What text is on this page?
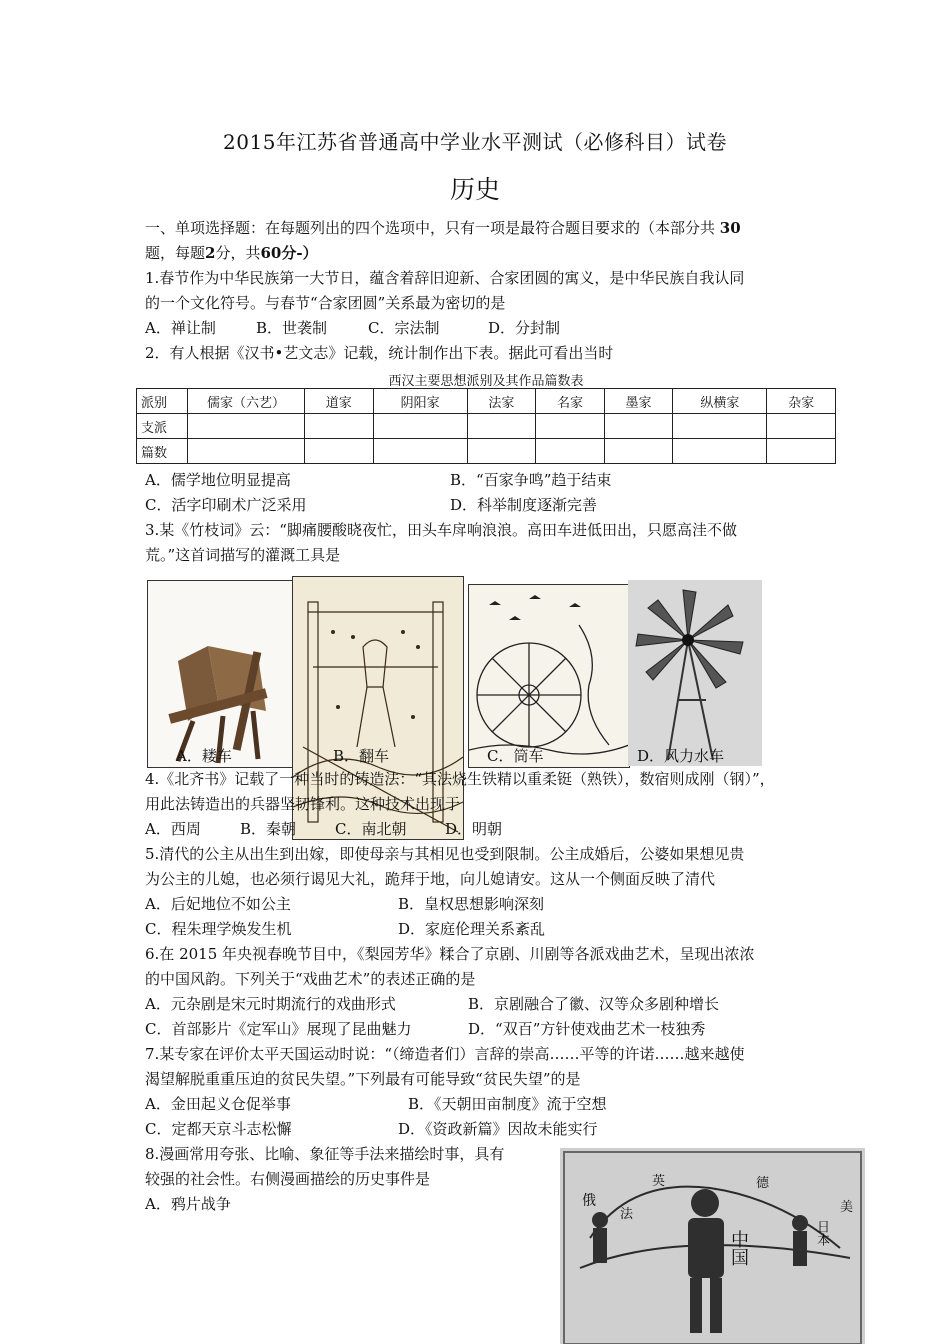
2015年江苏省普通高中学业水平测试（必修科目）试卷
历史
一、单项选择题：在每题列出的四个选项中，只有一项是最符合题目要求的（本部分共 30
题，每题2分，共60分-）
1.春节作为中华民族第一大节日，蕴含着辞旧迎新、合家团圆的寓义，是中华民族自我认同
的一个文化符号。与春节“合家团圆”关系最为密切的是
A．禅让制	B．世袭制	C．宗法制	D．分封制
2．有人根据《汉书•艺文志》记载，统计制作出下表。据此可看出当时
西汉主要思想派别及其作品篇数表
派别	儒家（六艺）	道家	阴阳家	法家	名家	墨家	纵横家	杂家
支派								
篇数								
A．儒学地位明显提高	B．“百家争鸣”趋于结束
C．活字印刷术广泛采用	D．科举制度逐渐完善
3.某《竹枝词》云：“脚痛腰酸晓夜忙，田头车戽响浪浪。高田车进低田出，只愿高洼不做
荒。”这首词描写的灌溉工具是
A．耧车	B．翻车	C．筒车	D．风力水车
4.《北齐书》记载了一种当时的铸造法：“其法烧生铁精以重柔铤（熟铁），数宿则成刚（钢）”，
用此法铸造出的兵器坚韧锋利。这种技术出现于
A．西周	B．秦朝	C．南北朝	D．明朝
5.清代的公主从出生到出嫁，即使母亲与其相见也受到限制。公主成婚后，公婆如果想见贵
为公主的儿媳，也必须行谒见大礼，跪拜于地，向儿媳请安。这从一个侧面反映了清代
A．后妃地位不如公主	B．皇权思想影响深刻
C．程朱理学焕发生机	D．家庭伦理关系紊乱
6.在 2015 年央视春晚节目中，《梨园芳华》糅合了京剧、川剧等各派戏曲艺术，呈现出浓浓
的中国风韵。下列关于“戏曲艺术”的表述正确的是
A．元杂剧是宋元时期流行的戏曲形式	B．京剧融合了徽、汉等众多剧种增长
C．首部影片《定军山》展现了昆曲魅力	D．“双百”方针使戏曲艺术一枝独秀
7.某专家在评价太平天国运动时说：“（缔造者们）言辞的崇高……平等的许诺……越来越使
渴望解脱重重压迫的贫民失望。”下列最有可能导致“贫民失望”的是
A．金田起义仓促举事	B．《天朝田亩制度》流于空想
C．定都天京斗志松懈	D．《资政新篇》因故未能实行
8.漫画常用夸张、比喻、象征等手法来描绘时事，具有
较强的社会性。右侧漫画描绘的历史事件是
A．鸦片战争	俄
日本
中国
英	德
法	美
